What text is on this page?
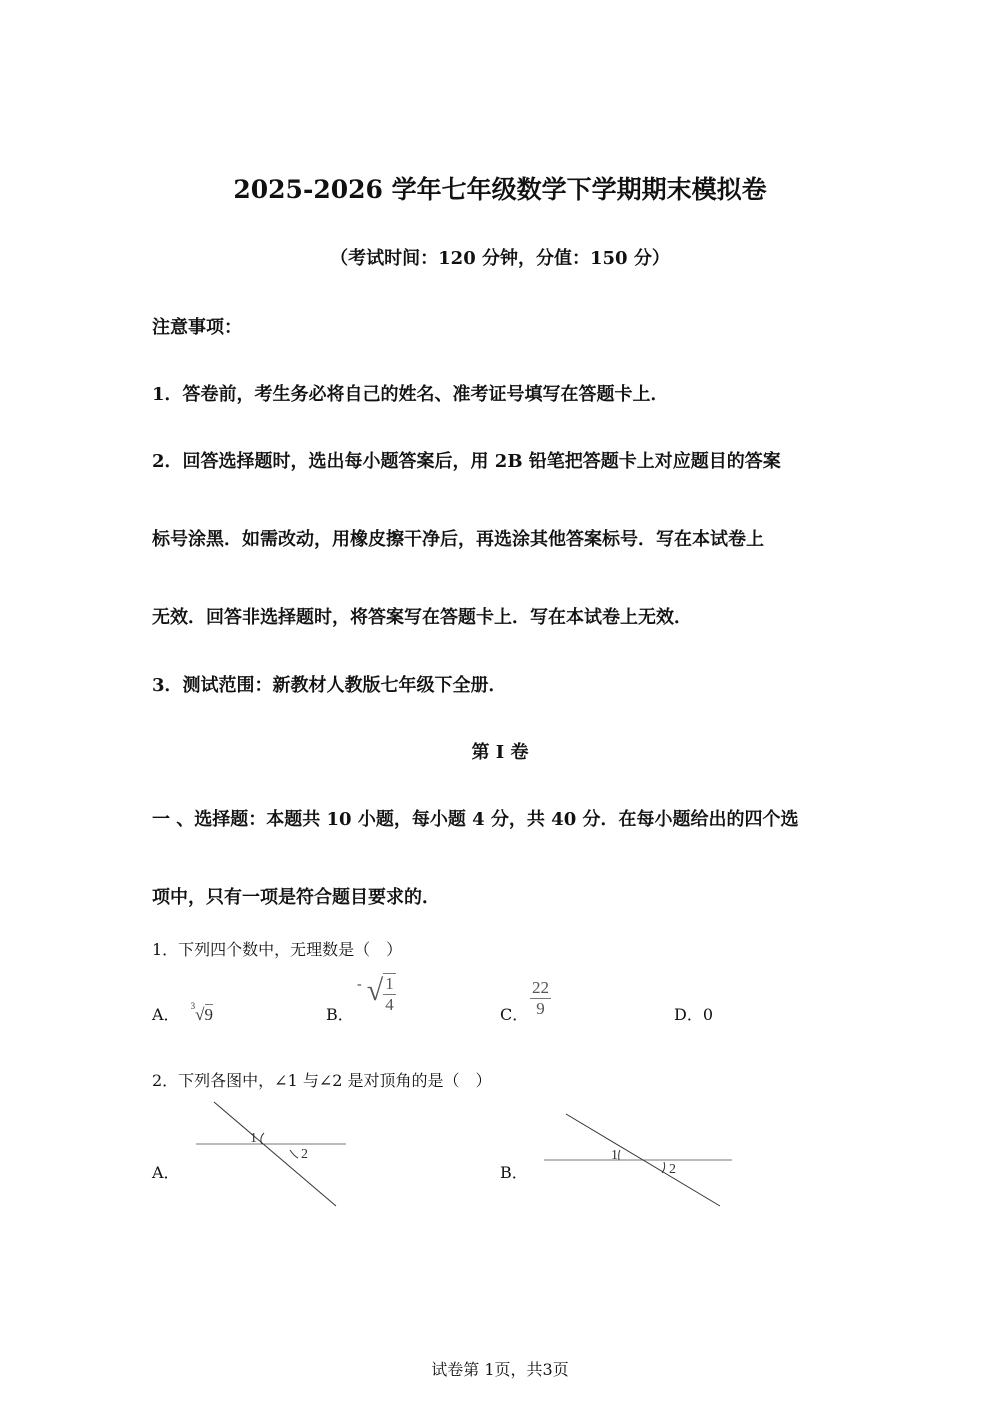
2025-2026 学年七年级数学下学期期末模拟卷
（考试时间：120 分钟，分值：150 分）
注意事项：
1．答卷前，考生务必将自己的姓名、准考证号填写在答题卡上．
2．回答选择题时，选出每小题答案后，用 2B 铅笔把答题卡上对应题目的答案
标号涂黑．如需改动，用橡皮擦干净后，再选涂其他答案标号．写在本试卷上
无效．回答非选择题时，将答案写在答题卡上．写在本试卷上无效．
3．测试范围：新教材人教版七年级下全册．
第 I 卷
一 、选择题：本题共 10 小题，每小题 4 分，共 40 分．在每小题给出的四个选
项中，只有一项是符合题目要求的．
1．下列四个数中，无理数是（　）
A． $^3$√9	B．
- √ $\frac{1}{4}$	C． $\frac{22}{9}$	D．0
2．下列各图中，∠1 与∠2 是对顶角的是（　）
A．
1
2
B．
1
2
试卷第 1页，共3页
